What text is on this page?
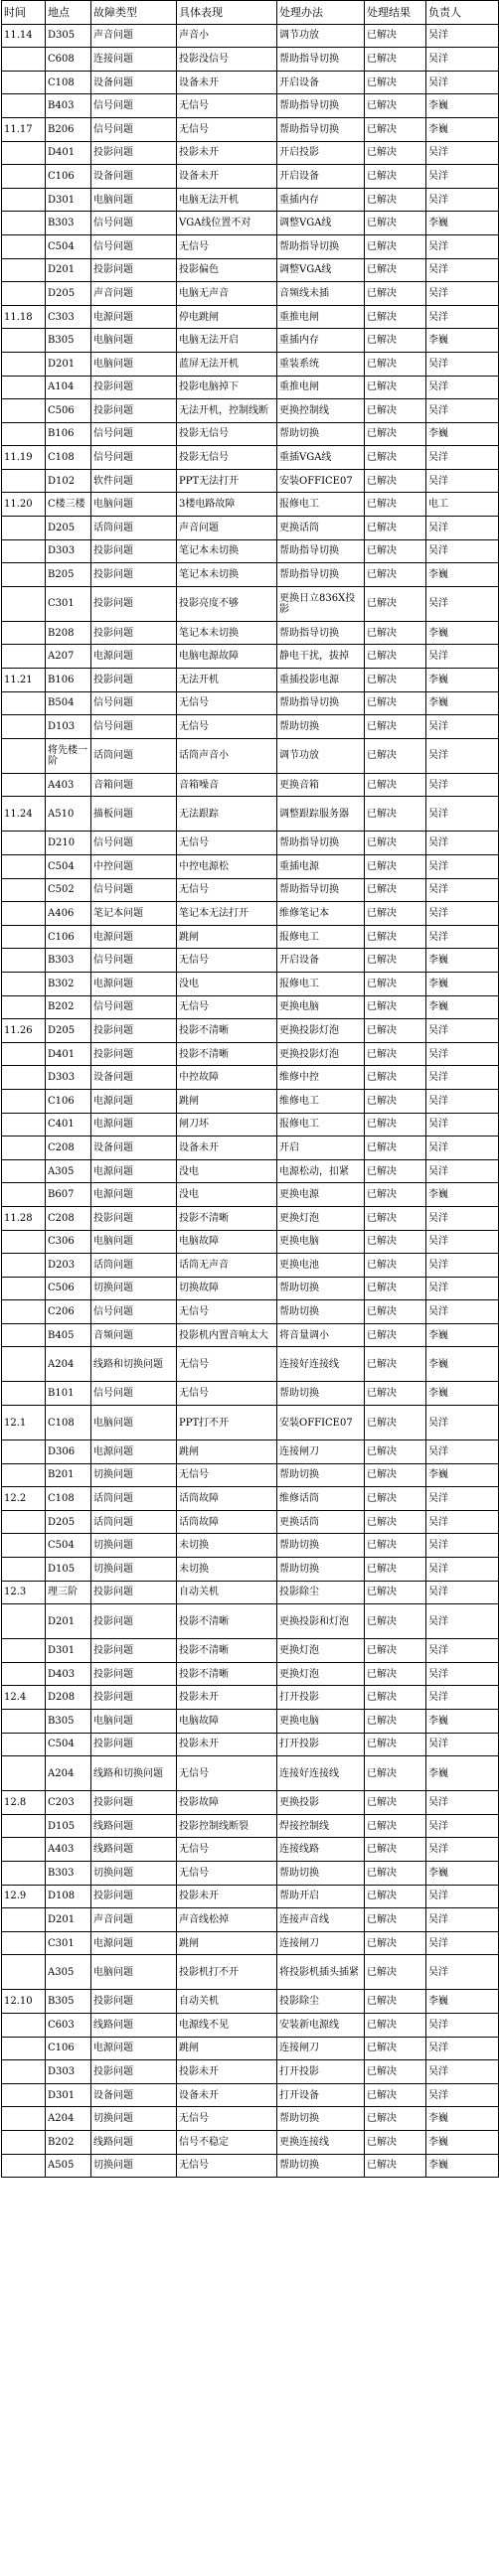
时间	地点	故障类型	具体表现	处理办法	处理结果	负责人
11.14	D305	声音问题	声音小	调节功放	已解决	吴洋
	C608	连接问题	投影没信号	帮助指导切换	已解决	吴洋
	C108	设备问题	设备未开	开启设备	已解决	吴洋
	B403	信号问题	无信号	帮助指导切换	已解决	李巍
11.17	B206	信号问题	无信号	帮助指导切换	已解决	李巍
	D401	投影问题	投影未开	开启投影	已解决	吴洋
	C106	设备问题	设备未开	开启设备	已解决	吴洋
	D301	电脑问题	电脑无法开机	重插内存	已解决	吴洋
	B303	信号问题	VGA线位置不对	调整VGA线	已解决	李巍
	C504	信号问题	无信号	帮助指导切换	已解决	吴洋
	D201	投影问题	投影偏色	调整VGA线	已解决	吴洋
	D205	声音问题	电脑无声音	音频线未插	已解决	吴洋
11.18	C303	电源问题	停电跳闸	重推电闸	已解决	吴洋
	B305	电脑问题	电脑无法开启	重插内存	已解决	李巍
	D201	电脑问题	蓝屏无法开机	重装系统	已解决	吴洋
	A104	投影问题	投影电脑掉下	重推电闸	已解决	吴洋
	C506	投影问题	无法开机，控制线断	更换控制线	已解决	吴洋
	B106	信号问题	投影无信号	帮助切换	已解决	李巍
11.19	C108	信号问题	投影无信号	重插VGA线	已解决	吴洋
	D102	软件问题	PPT无法打开	安装OFFICE07	已解决	吴洋
11.20	C楼三楼	电脑问题	3楼电路故障	报修电工	已解决	电工
	D205	话筒问题	声音问题	更换话筒	已解决	吴洋
	D303	投影问题	笔记本未切换	帮助指导切换	已解决	吴洋
	B205	投影问题	笔记本未切换	帮助指导切换	已解决	李巍
	C301	投影问题	投影亮度不够	更换日立836X投影	已解决	吴洋
	B208	投影问题	笔记本未切换	帮助指导切换	已解决	李巍
	A207	电源问题	电脑电源故障	静电干扰，拔掉	已解决	吴洋
11.21	B106	投影问题	无法开机	重插投影电源	已解决	李巍
	B504	信号问题	无信号	帮助指导切换	已解决	李巍
	D103	信号问题	无信号	帮助切换	已解决	吴洋
	将先楼一阶	话筒问题	话筒声音小	调节功放	已解决	吴洋
	A403	音箱问题	音箱噪音	更换音箱	已解决	吴洋
11.24	A510	描板问题	无法跟踪	调整跟踪服务器	已解决	吴洋
	D210	信号问题	无信号	帮助指导切换	已解决	吴洋
	C504	中控问题	中控电源松	重插电源	已解决	吴洋
	C502	信号问题	无信号	帮助指导切换	已解决	吴洋
	A406	笔记本问题	笔记本无法打开	维修笔记本	已解决	吴洋
	C106	电源问题	跳闸	报修电工	已解决	吴洋
	B303	信号问题	无信号	开启设备	已解决	李巍
	B302	电源问题	没电	报修电工	已解决	李巍
	B202	信号问题	无信号	更换电脑	已解决	李巍
11.26	D205	投影问题	投影不清晰	更换投影灯泡	已解决	吴洋
	D401	投影问题	投影不清晰	更换投影灯泡	已解决	吴洋
	D303	设备问题	中控故障	维修中控	已解决	吴洋
	C106	电源问题	跳闸	维修电工	已解决	吴洋
	C401	电源问题	闸刀坏	报修电工	已解决	吴洋
	C208	设备问题	设备未开	开启	已解决	吴洋
	A305	电源问题	没电	电源松动，扣紧	已解决	吴洋
	B607	电源问题	没电	更换电源	已解决	李巍
11.28	C208	投影问题	投影不清晰	更换灯泡	已解决	吴洋
	C306	电脑问题	电脑故障	更换电脑	已解决	吴洋
	D203	话筒问题	话筒无声音	更换电池	已解决	吴洋
	C506	切换问题	切换故障	帮助切换	已解决	吴洋
	C206	信号问题	无信号	帮助切换	已解决	吴洋
	B405	音频问题	投影机内置音响太大	将音量调小	已解决	李巍
	A204	线路和切换问题	无信号	连接好连接线	已解决	李巍
	B101	信号问题	无信号	帮助切换	已解决	李巍
12.1	C108	电脑问题	PPT打不开	安装OFFICE07	已解决	吴洋
	D306	电源问题	跳闸	连接闸刀	已解决	吴洋
	B201	切换问题	无信号	帮助切换	已解决	李巍
12.2	C108	话筒问题	话筒故障	维修话筒	已解决	吴洋
	D205	话筒问题	话筒故障	更换话筒	已解决	吴洋
	C504	切换问题	未切换	帮助切换	已解决	吴洋
	D105	切换问题	未切换	帮助切换	已解决	吴洋
12.3	理三阶	投影问题	自动关机	投影除尘	已解决	吴洋
	D201	投影问题	投影不清晰	更换投影和灯泡	已解决	吴洋
	D301	投影问题	投影不清晰	更换灯泡	已解决	吴洋
	D403	投影问题	投影不清晰	更换灯泡	已解决	吴洋
12.4	D208	投影问题	投影未开	打开投影	已解决	吴洋
	B305	电脑问题	电脑故障	更换电脑	已解决	李巍
	C504	投影问题	投影未开	打开投影	已解决	吴洋
	A204	线路和切换问题	无信号	连接好连接线	已解决	李巍
12.8	C203	投影问题	投影故障	更换投影	已解决	吴洋
	D105	线路问题	投影控制线断裂	焊接控制线	已解决	吴洋
	A403	线路问题	无信号	连接线路	已解决	吴洋
	B303	切换问题	无信号	帮助切换	已解决	李巍
12.9	D108	投影问题	投影未开	帮助开启	已解决	吴洋
	D201	声音问题	声音线松掉	连接声音线	已解决	吴洋
	C301	电源问题	跳闸	连接闸刀	已解决	吴洋
	A305	电脑问题	投影机打不开	将投影机插头插紧	已解决	吴洋
12.10	B305	投影问题	自动关机	投影除尘	已解决	李巍
	C603	线路问题	电源线不见	安装新电源线	已解决	吴洋
	C106	电源问题	跳闸	连接闸刀	已解决	吴洋
	D303	投影问题	投影未开	打开投影	已解决	吴洋
	D301	设备问题	设备未开	打开设备	已解决	吴洋
	A204	切换问题	无信号	帮助切换	已解决	李巍
	B202	线路问题	信号不稳定	更换连接线	已解决	李巍
	A505	切换问题	无信号	帮助切换	已解决	李巍
